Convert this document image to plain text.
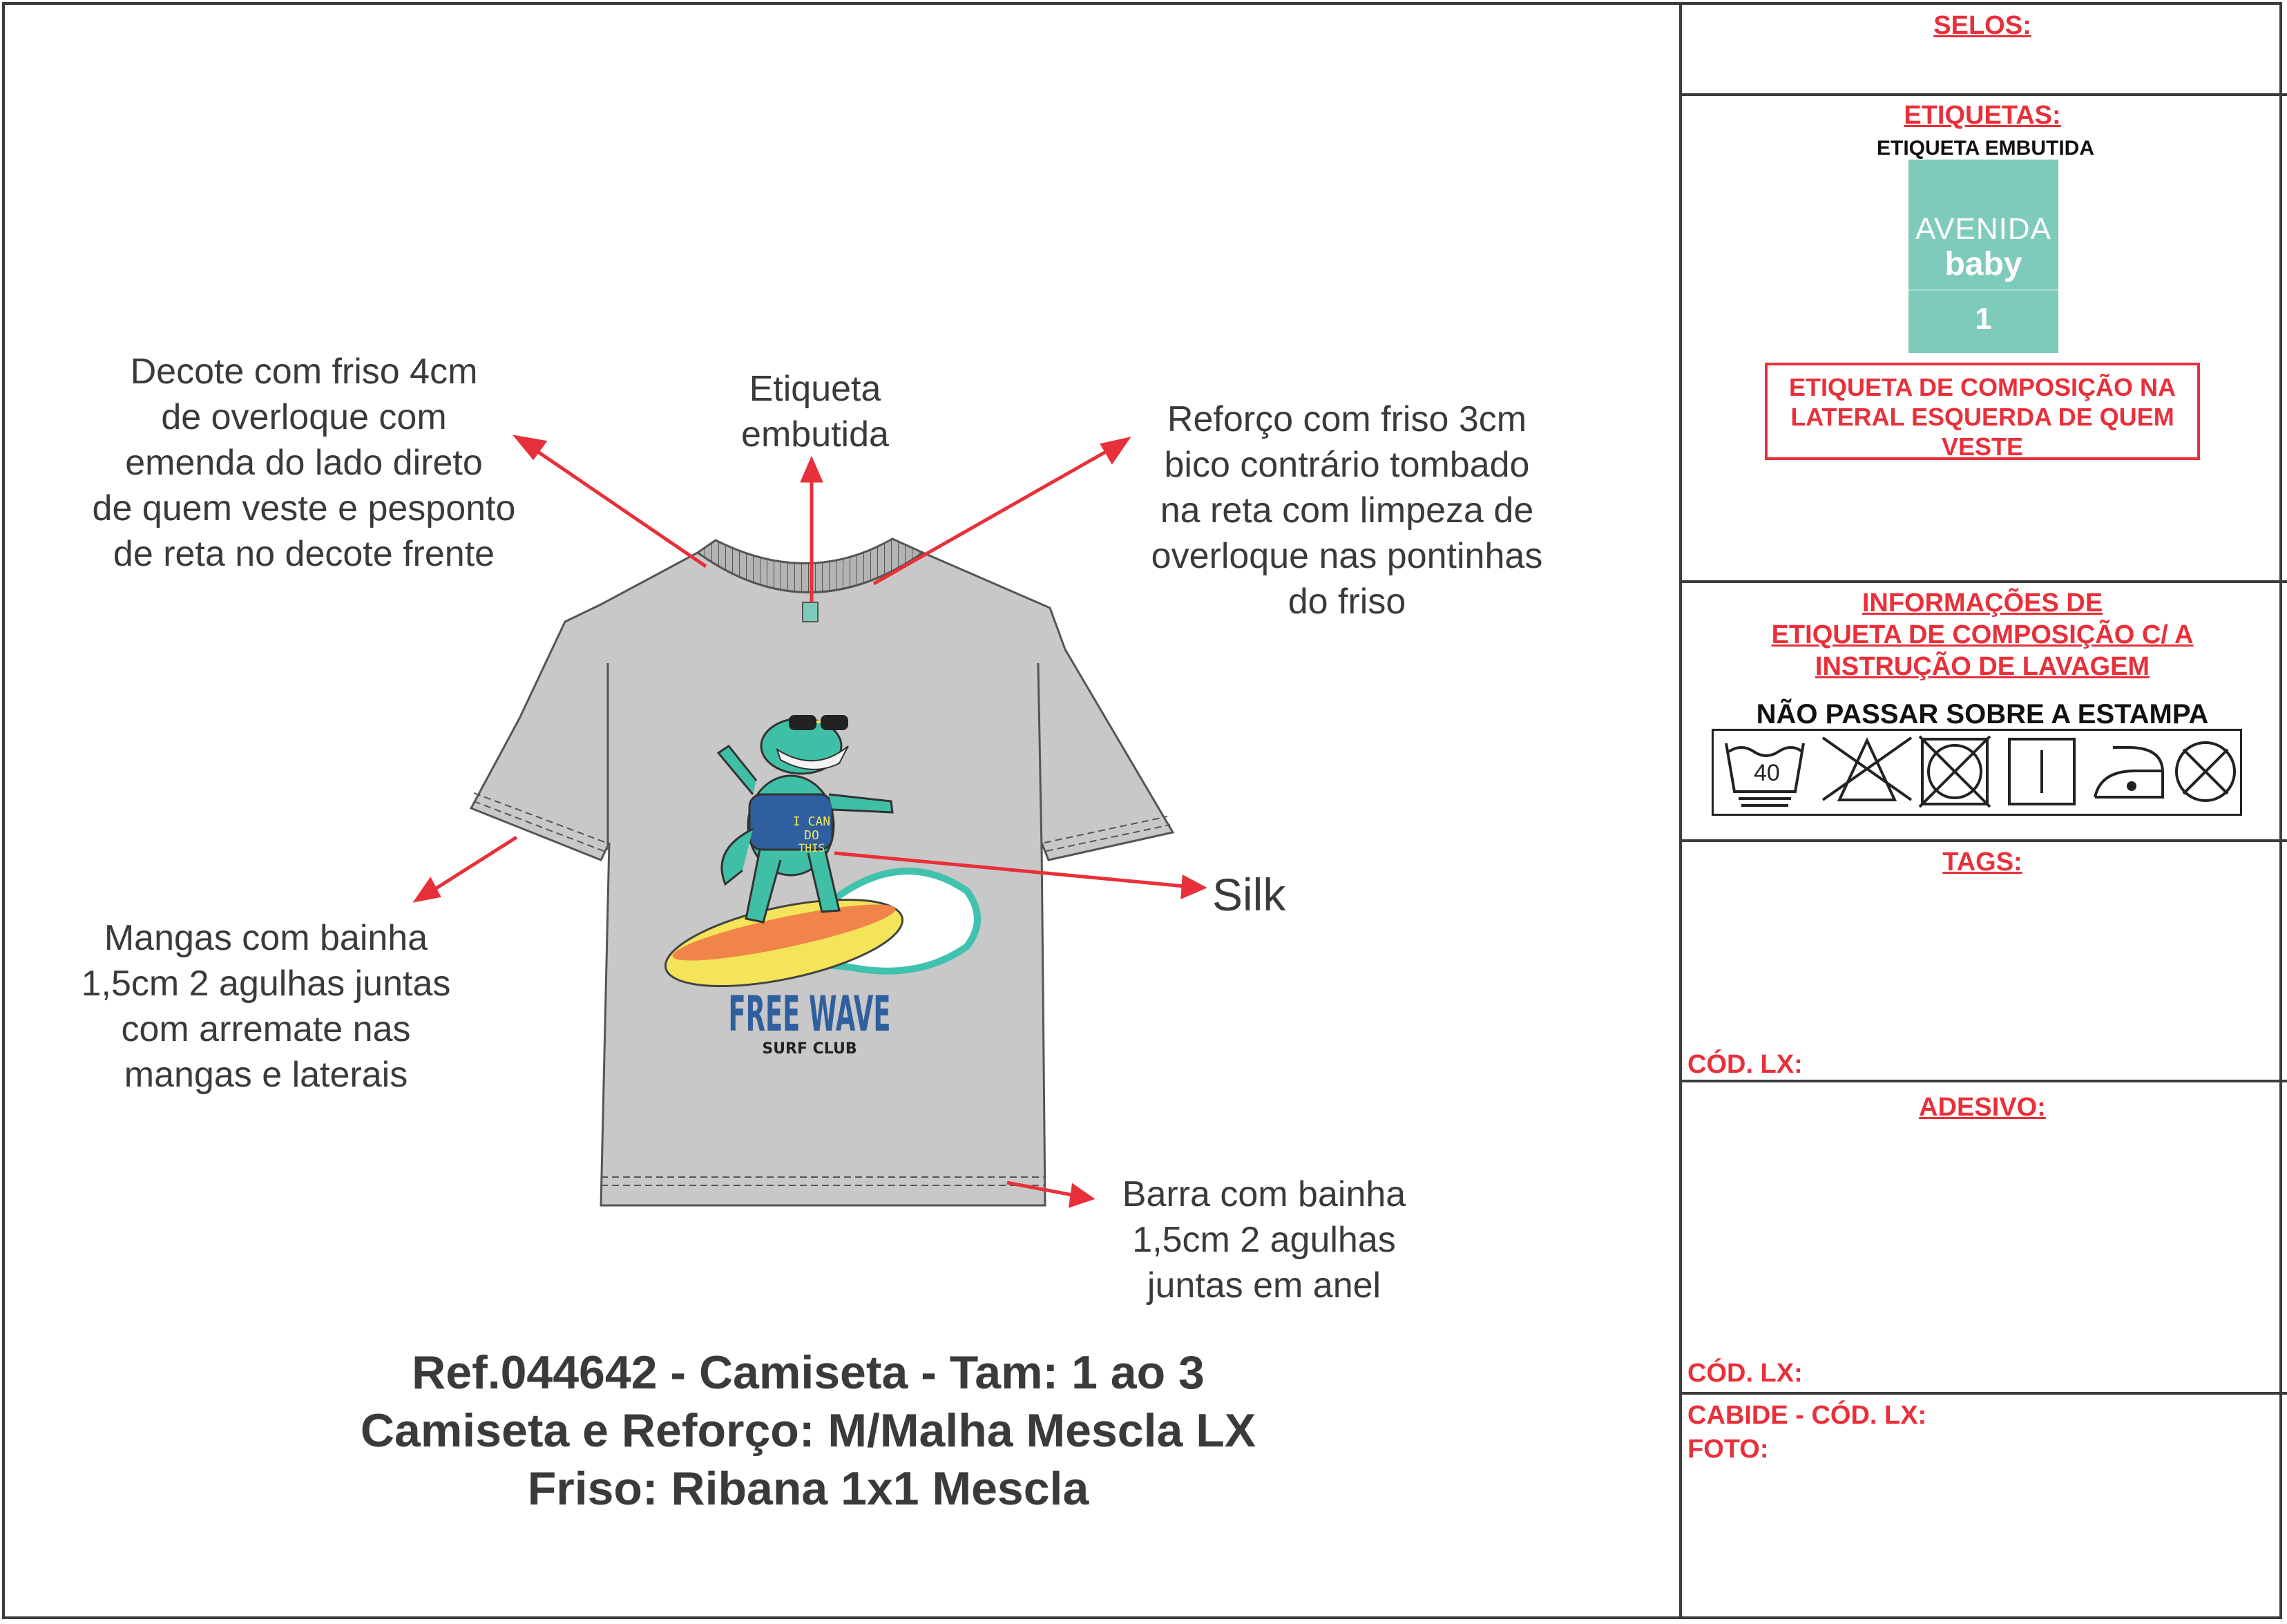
SELOS:
ETIQUETAS:
ETIQUETA EMBUTIDA
AVENIDA
baby
1
ETIQUETA DE COMPOSIÇÃO NA
LATERAL ESQUERDA DE QUEM
VESTE
INFORMAÇÕES DE
ETIQUETA DE COMPOSIÇÃO C/ A
INSTRUÇÃO DE LAVAGEM
NÃO PASSAR SOBRE A ESTAMPA
40
TAGS:
CÓD. LX:
ADESIVO:
CÓD. LX:
CABIDE - CÓD. LX:
FOTO:
I CAN
DO
THIS
FREE WAVE
SURF CLUB
Decote com friso 4cm
de overloque com
emenda do lado direto
de quem veste e pesponto
de reta no decote frente
Etiqueta
embutida	Reforço com friso 3cm
bico contrário tombado
na reta com limpeza de
overloque nas pontinhas
do friso
Silk
Mangas com bainha
1,5cm 2 agulhas juntas
com arremate nas
mangas e laterais
Barra com bainha
1,5cm 2 agulhas
juntas em anel
Ref.044642 - Camiseta - Tam: 1 ao 3
Camiseta e Reforço: M/Malha Mescla LX
Friso: Ribana 1x1 Mescla
